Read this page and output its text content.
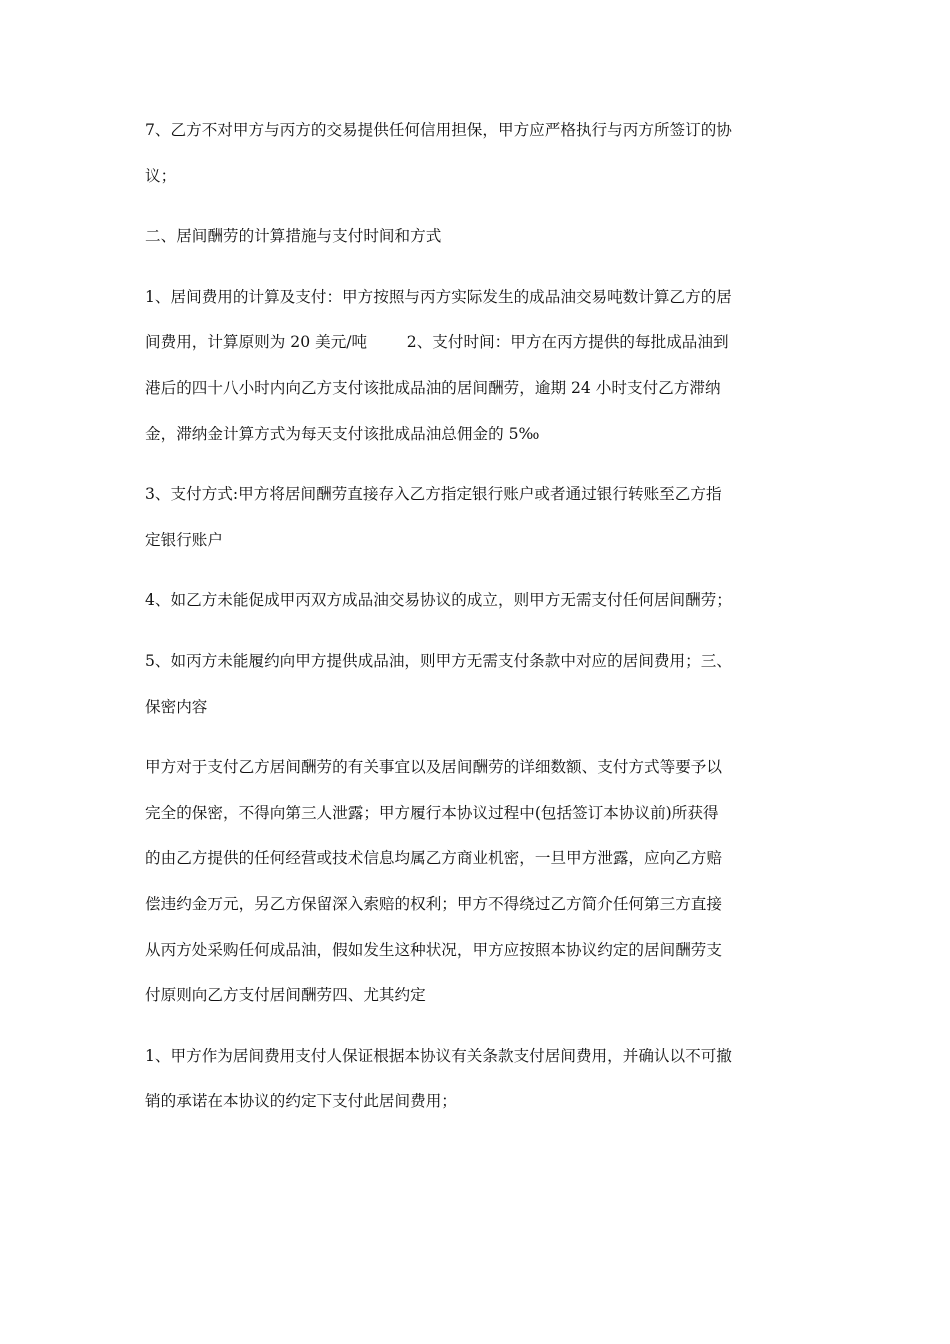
7、乙方不对甲方与丙方的交易提供任何信用担保，甲方应严格执行与丙方所签订的协
议；

二、居间酬劳的计算措施与支付时间和方式

1、居间费用的计算及支付：甲方按照与丙方实际发生的成品油交易吨数计算乙方的居
间费用，计算原则为 20 美元/吨        2、支付时间：甲方在丙方提供的每批成品油到
港后的四十八小时内向乙方支付该批成品油的居间酬劳，逾期 24 小时支付乙方滞纳
金，滞纳金计算方式为每天支付该批成品油总佣金的 5‰

3、支付方式:甲方将居间酬劳直接存入乙方指定银行账户或者通过银行转账至乙方指
定银行账户

4、如乙方未能促成甲丙双方成品油交易协议的成立，则甲方无需支付任何居间酬劳；

5、如丙方未能履约向甲方提供成品油，则甲方无需支付条款中对应的居间费用；三、
保密内容

甲方对于支付乙方居间酬劳的有关事宜以及居间酬劳的详细数额、支付方式等要予以
完全的保密，不得向第三人泄露；甲方履行本协议过程中(包括签订本协议前)所获得
的由乙方提供的任何经营或技术信息均属乙方商业机密，一旦甲方泄露，应向乙方赔
偿违约金万元，另乙方保留深入索赔的权利；甲方不得绕过乙方简介任何第三方直接
从丙方处采购任何成品油，假如发生这种状况，甲方应按照本协议约定的居间酬劳支
付原则向乙方支付居间酬劳四、尤其约定

1、甲方作为居间费用支付人保证根据本协议有关条款支付居间费用，并确认以不可撤
销的承诺在本协议的约定下支付此居间费用；
